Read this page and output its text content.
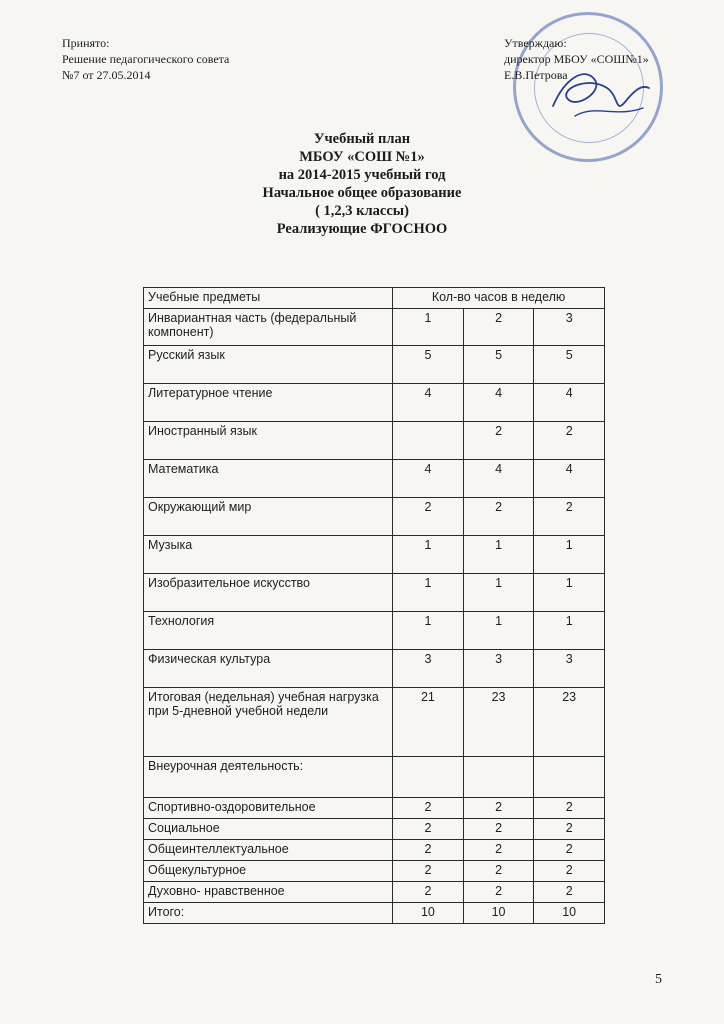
Принято:
Решение педагогического совета
№7 от 27.05.2014
Утверждаю:
директор МБОУ «СОШ№1»
Е.В.Петрова
Учебный план
МБОУ «СОШ №1»
на 2014-2015 учебный год
Начальное общее образование
( 1,2,3 классы)
Реализующие ФГОСНОО
Учебные предметы	Кол-во часов в неделю		
Инвариантная часть (федеральный компонент)	1	2	3
Русский язык	5	5	5
Литературное чтение	4	4	4
Иностранный язык		2	2
Математика	4	4	4
Окружающий мир	2	2	2
Музыка	1	1	1
Изобразительное искусство	1	1	1
Технология	1	1	1
Физическая культура	3	3	3
Итоговая (недельная) учебная нагрузка при 5-дневной учебной недели	21	23	23
Внеурочная деятельность:			
Спортивно-оздоровительное	2	2	2
Социальное	2	2	2
Общеинтеллектуальное	2	2	2
Общекультурное	2	2	2
Духовно- нравственное	2	2	2
Итого:	10	10	10
5
